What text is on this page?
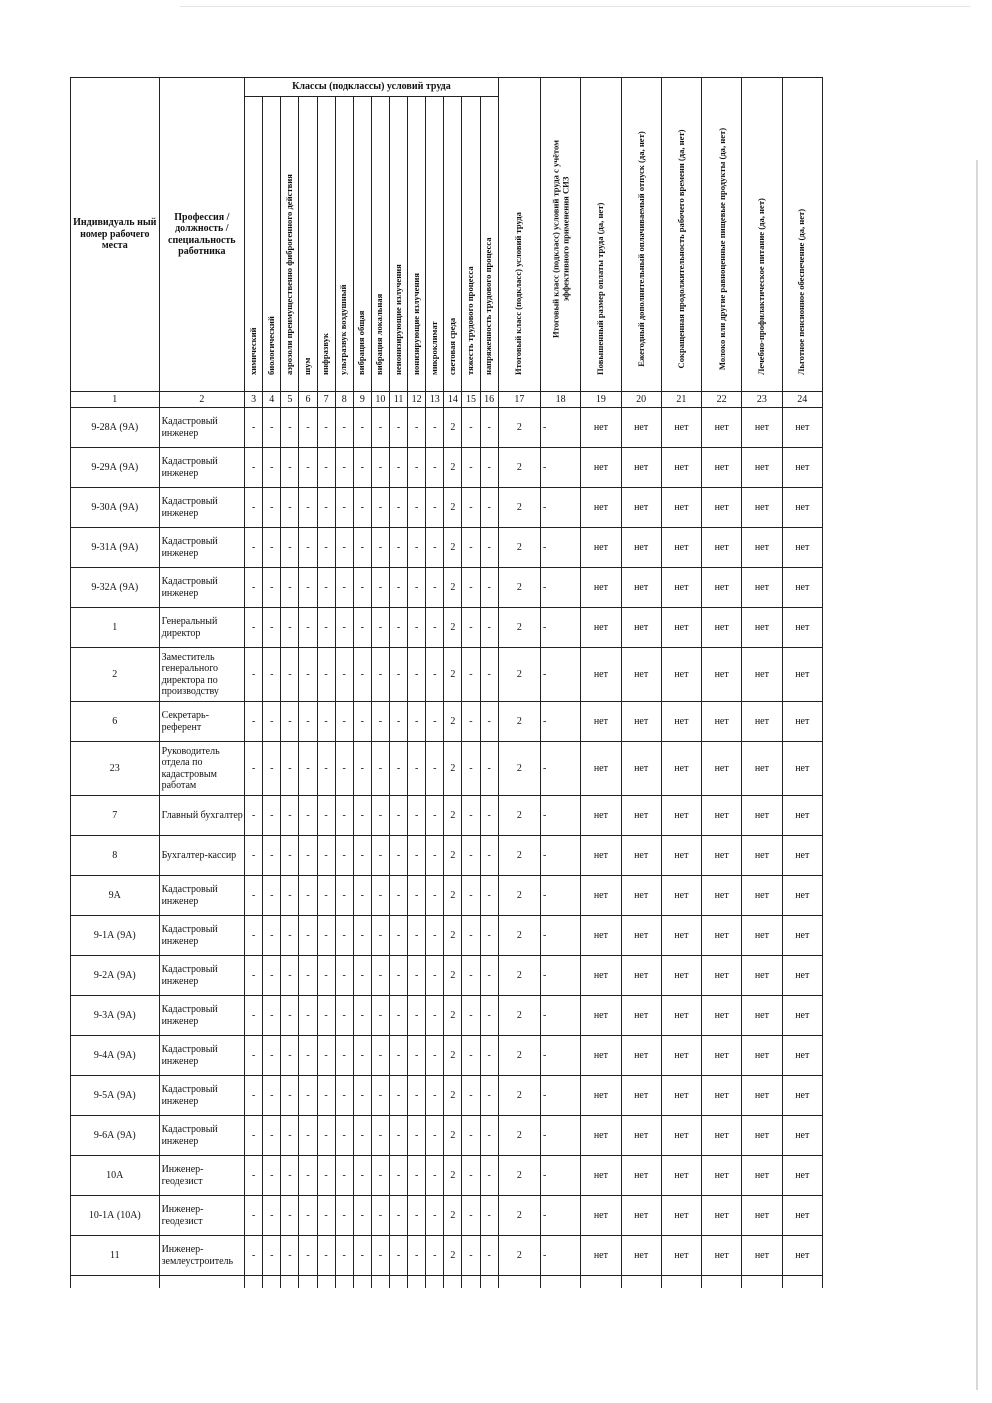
Индивидуаль ный номер рабочего места	Профессия / должность / специальность работника	Классы (подклассы) условий труда														Итоговый класс (подкласс) условий труда	Итоговый класс (подкласс) условий труда с учётом эффективного применения СИЗ	Повышенный размер оплаты труда (да, нет)	Ежегодный дополнительный оплачиваемый отпуск (да, нет)	Сокращенная продолжительность рабочего времени (да, нет)	Молоко или другие равноценные пищевые продукты (да, нет)	Лечебно-профилактическое питание (да, нет)	Льготное пенсионное обеспечение (да, нет)

		химический	биологический	аэрозоли преимущественно фиброгенного действия	шум	инфразвук	ультразвук воздушный	вибрация общая	вибрация локальная	неионизирующие излучения	ионизирующие излучения	микроклимат	световая среда	тяжесть трудового процесса	напряженность трудового процесса								

1	2	3	4	5	6	7	8	9	10	11	12	13	14	15	16	17	18	19	20	21	22	23	24
9-28А (9А)	Кадастровый инженер	-	-	-	-	-	-	-	-	-	-	-	2	-	-	2	-	нет	нет	нет	нет	нет	нет
9-29А (9А)	Кадастровый инженер	-	-	-	-	-	-	-	-	-	-	-	2	-	-	2	-	нет	нет	нет	нет	нет	нет
9-30А (9А)	Кадастровый инженер	-	-	-	-	-	-	-	-	-	-	-	2	-	-	2	-	нет	нет	нет	нет	нет	нет
9-31А (9А)	Кадастровый инженер	-	-	-	-	-	-	-	-	-	-	-	2	-	-	2	-	нет	нет	нет	нет	нет	нет
9-32А (9А)	Кадастровый инженер	-	-	-	-	-	-	-	-	-	-	-	2	-	-	2	-	нет	нет	нет	нет	нет	нет
1	Генеральный директор	-	-	-	-	-	-	-	-	-	-	-	2	-	-	2	-	нет	нет	нет	нет	нет	нет
2	Заместитель генерального директора по производству	-	-	-	-	-	-	-	-	-	-	-	2	-	-	2	-	нет	нет	нет	нет	нет	нет
6	Секретарь-референт	-	-	-	-	-	-	-	-	-	-	-	2	-	-	2	-	нет	нет	нет	нет	нет	нет
23	Руководитель отдела по кадастровым работам	-	-	-	-	-	-	-	-	-	-	-	2	-	-	2	-	нет	нет	нет	нет	нет	нет
7	Главный бухгалтер	-	-	-	-	-	-	-	-	-	-	-	2	-	-	2	-	нет	нет	нет	нет	нет	нет
8	Бухгалтер-кассир	-	-	-	-	-	-	-	-	-	-	-	2	-	-	2	-	нет	нет	нет	нет	нет	нет
9А	Кадастровый инженер	-	-	-	-	-	-	-	-	-	-	-	2	-	-	2	-	нет	нет	нет	нет	нет	нет
9-1А (9А)	Кадастровый инженер	-	-	-	-	-	-	-	-	-	-	-	2	-	-	2	-	нет	нет	нет	нет	нет	нет
9-2А (9А)	Кадастровый инженер	-	-	-	-	-	-	-	-	-	-	-	2	-	-	2	-	нет	нет	нет	нет	нет	нет
9-3А (9А)	Кадастровый инженер	-	-	-	-	-	-	-	-	-	-	-	2	-	-	2	-	нет	нет	нет	нет	нет	нет
9-4А (9А)	Кадастровый инженер	-	-	-	-	-	-	-	-	-	-	-	2	-	-	2	-	нет	нет	нет	нет	нет	нет
9-5А (9А)	Кадастровый инженер	-	-	-	-	-	-	-	-	-	-	-	2	-	-	2	-	нет	нет	нет	нет	нет	нет
9-6А (9А)	Кадастровый инженер	-	-	-	-	-	-	-	-	-	-	-	2	-	-	2	-	нет	нет	нет	нет	нет	нет
10А	Инженер-геодезист	-	-	-	-	-	-	-	-	-	-	-	2	-	-	2	-	нет	нет	нет	нет	нет	нет
10-1А (10А)	Инженер-геодезист	-	-	-	-	-	-	-	-	-	-	-	2	-	-	2	-	нет	нет	нет	нет	нет	нет
11	Инженер-землеустроитель	-	-	-	-	-	-	-	-	-	-	-	2	-	-	2	-	нет	нет	нет	нет	нет	нет
